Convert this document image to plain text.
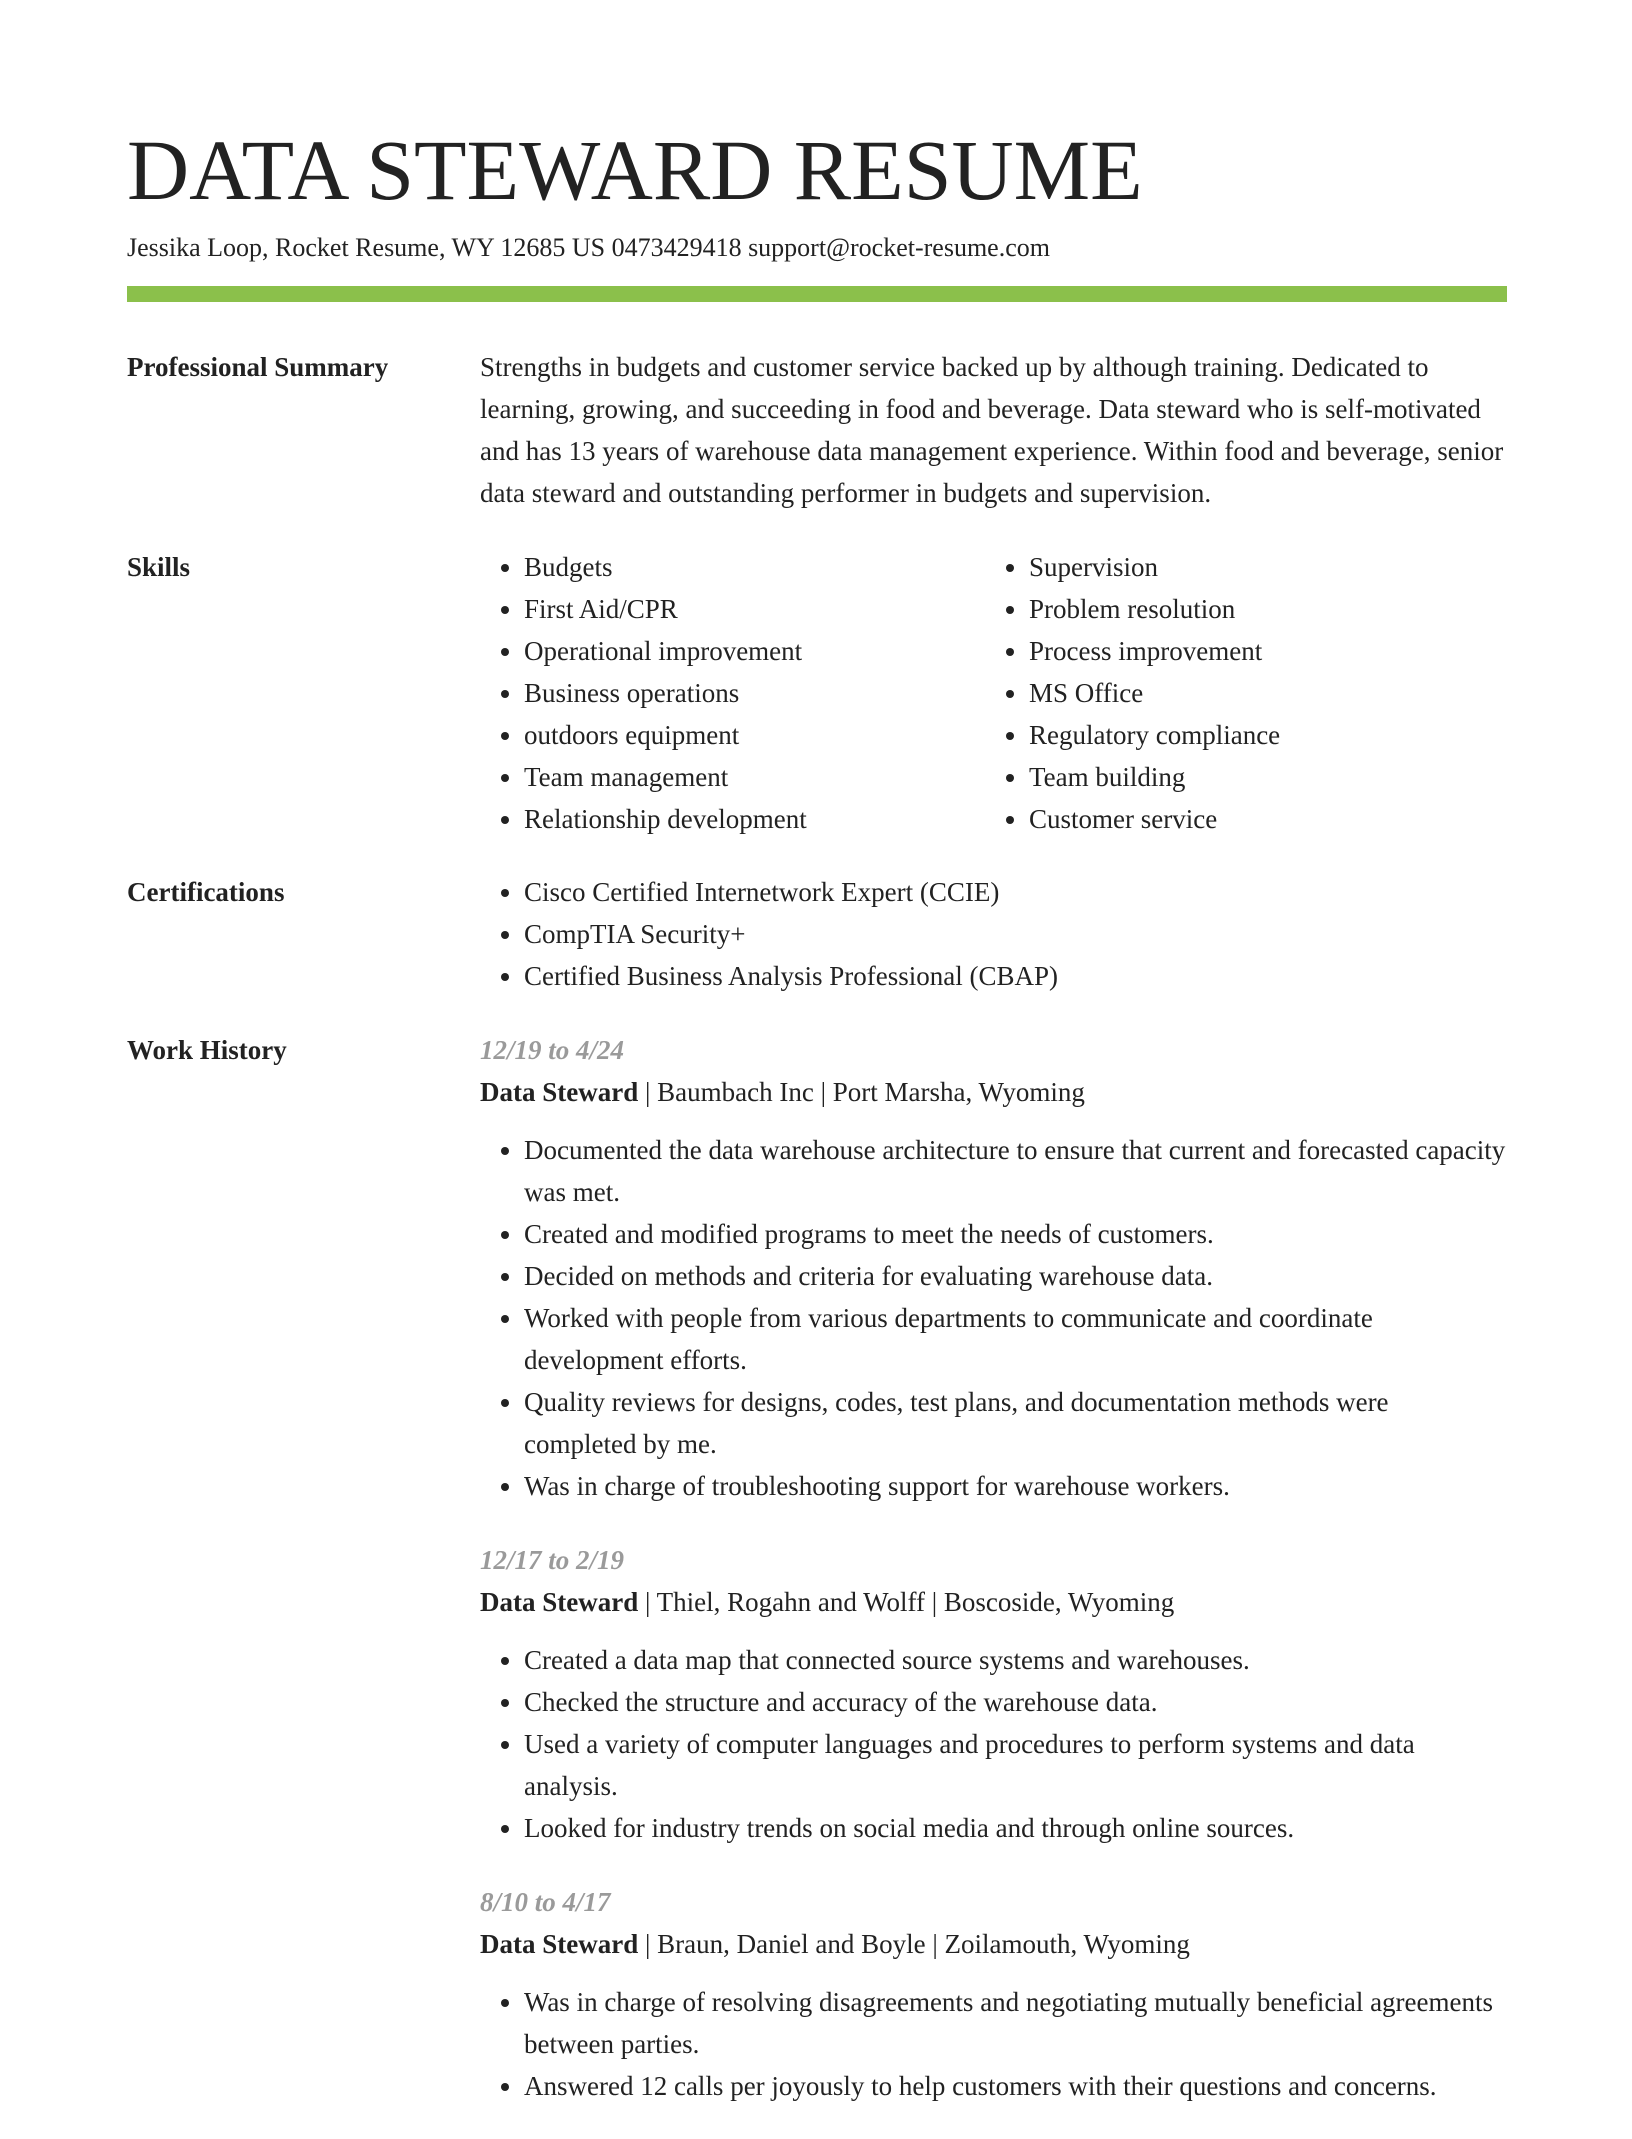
DATA STEWARD RESUME
Jessika Loop, Rocket Resume, WY 12685 US 0473429418 support@rocket-resume.com
Professional Summary	Strengths in budgets and customer service backed up by although training. Dedicated to learning, growing, and succeeding in food and beverage. Data steward who is self-motivated and has 13 years of warehouse data management experience. Within food and beverage, senior data steward and outstanding performer in budgets and supervision.

Skills	• Budgets
• First Aid/CPR
• Operational improvement
• Business operations
• outdoors equipment
• Team management
• Relationship development
• Supervision
• Problem resolution
• Process improvement
• MS Office
• Regulatory compliance
• Team building
• Customer service
Certifications	• Cisco Certified Internetwork Expert (CCIE)
• CompTIA Security+
• Certified Business Analysis Professional (CBAP)
Work History	12/19 to 4/24
Data Steward | Baumbach Inc | Port Marsha, Wyoming
• Documented the data warehouse architecture to ensure that current and forecasted capacity was met.
• Created and modified programs to meet the needs of customers.
• Decided on methods and criteria for evaluating warehouse data.
• Worked with people from various departments to communicate and coordinate development efforts.
• Quality reviews for designs, codes, test plans, and documentation methods were completed by me.
• Was in charge of troubleshooting support for warehouse workers.
12/17 to 2/19
Data Steward | Thiel, Rogahn and Wolff | Boscoside, Wyoming
• Created a data map that connected source systems and warehouses.
• Checked the structure and accuracy of the warehouse data.
• Used a variety of computer languages and procedures to perform systems and data analysis.
• Looked for industry trends on social media and through online sources.
8/10 to 4/17
Data Steward | Braun, Daniel and Boyle | Zoilamouth, Wyoming
• Was in charge of resolving disagreements and negotiating mutually beneficial agreements between parties.
• Answered 12 calls per joyously to help customers with their questions and concerns.
